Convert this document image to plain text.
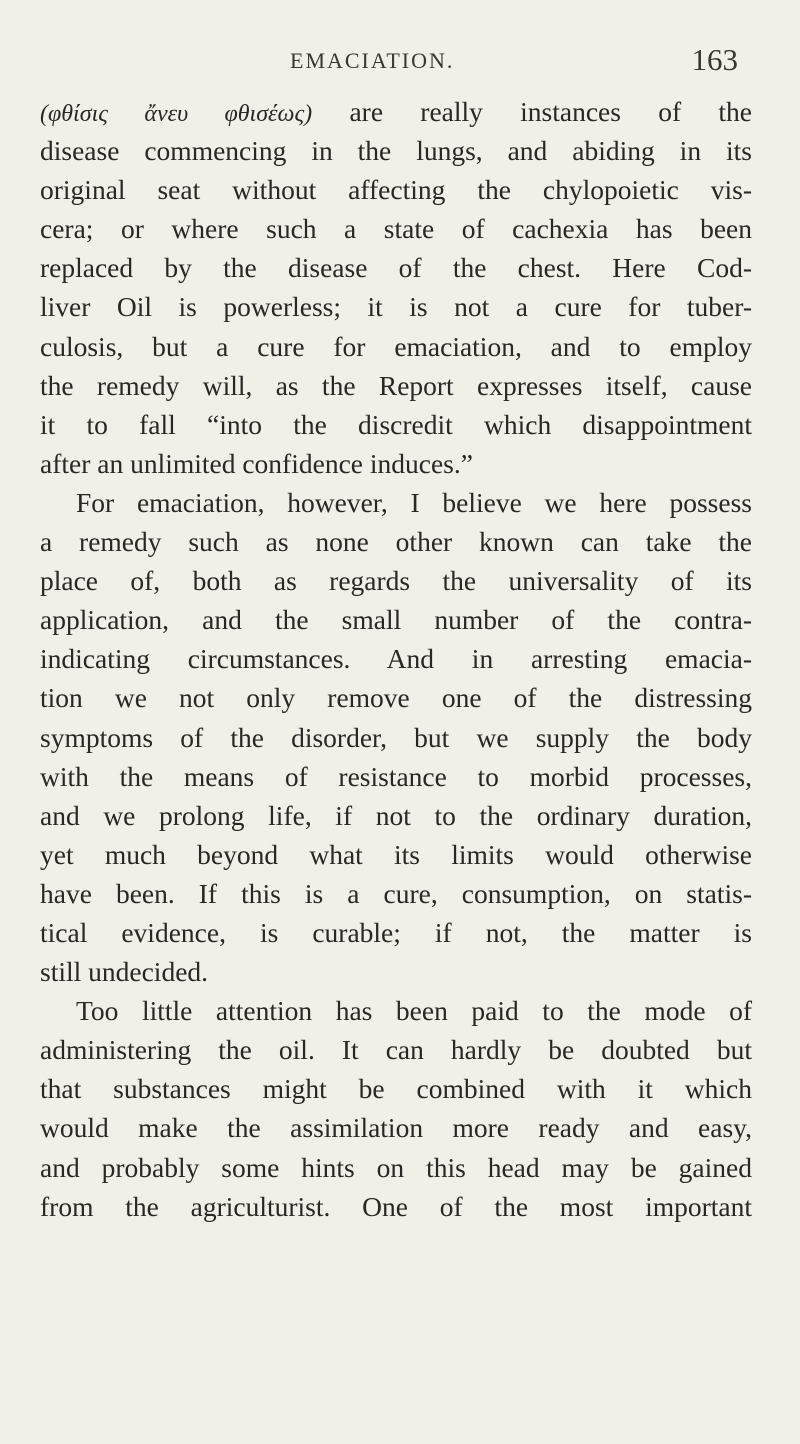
EMACIATION.	163
(φθίσις ἄνευ φθισέως) are really instances of the
disease commencing in the lungs, and abiding in its
original seat without affecting the chylopoietic vis-
cera; or where such a state of cachexia has been
replaced by the disease of the chest. Here Cod-
liver Oil is powerless; it is not a cure for tuber-
culosis, but a cure for emaciation, and to employ
the remedy will, as the Report expresses itself, cause
it to fall “into the discredit which disappointment
after an unlimited confidence induces.”
For emaciation, however, I believe we here possess
a remedy such as none other known can take the
place of, both as regards the universality of its
application, and the small number of the contra-
indicating circumstances. And in arresting emacia-
tion we not only remove one of the distressing
symptoms of the disorder, but we supply the body
with the means of resistance to morbid processes,
and we prolong life, if not to the ordinary duration,
yet much beyond what its limits would otherwise
have been. If this is a cure, consumption, on statis-
tical evidence, is curable; if not, the matter is
still undecided.
Too little attention has been paid to the mode of
administering the oil. It can hardly be doubted but
that substances might be combined with it which
would make the assimilation more ready and easy,
and probably some hints on this head may be gained
from the agriculturist. One of the most important
